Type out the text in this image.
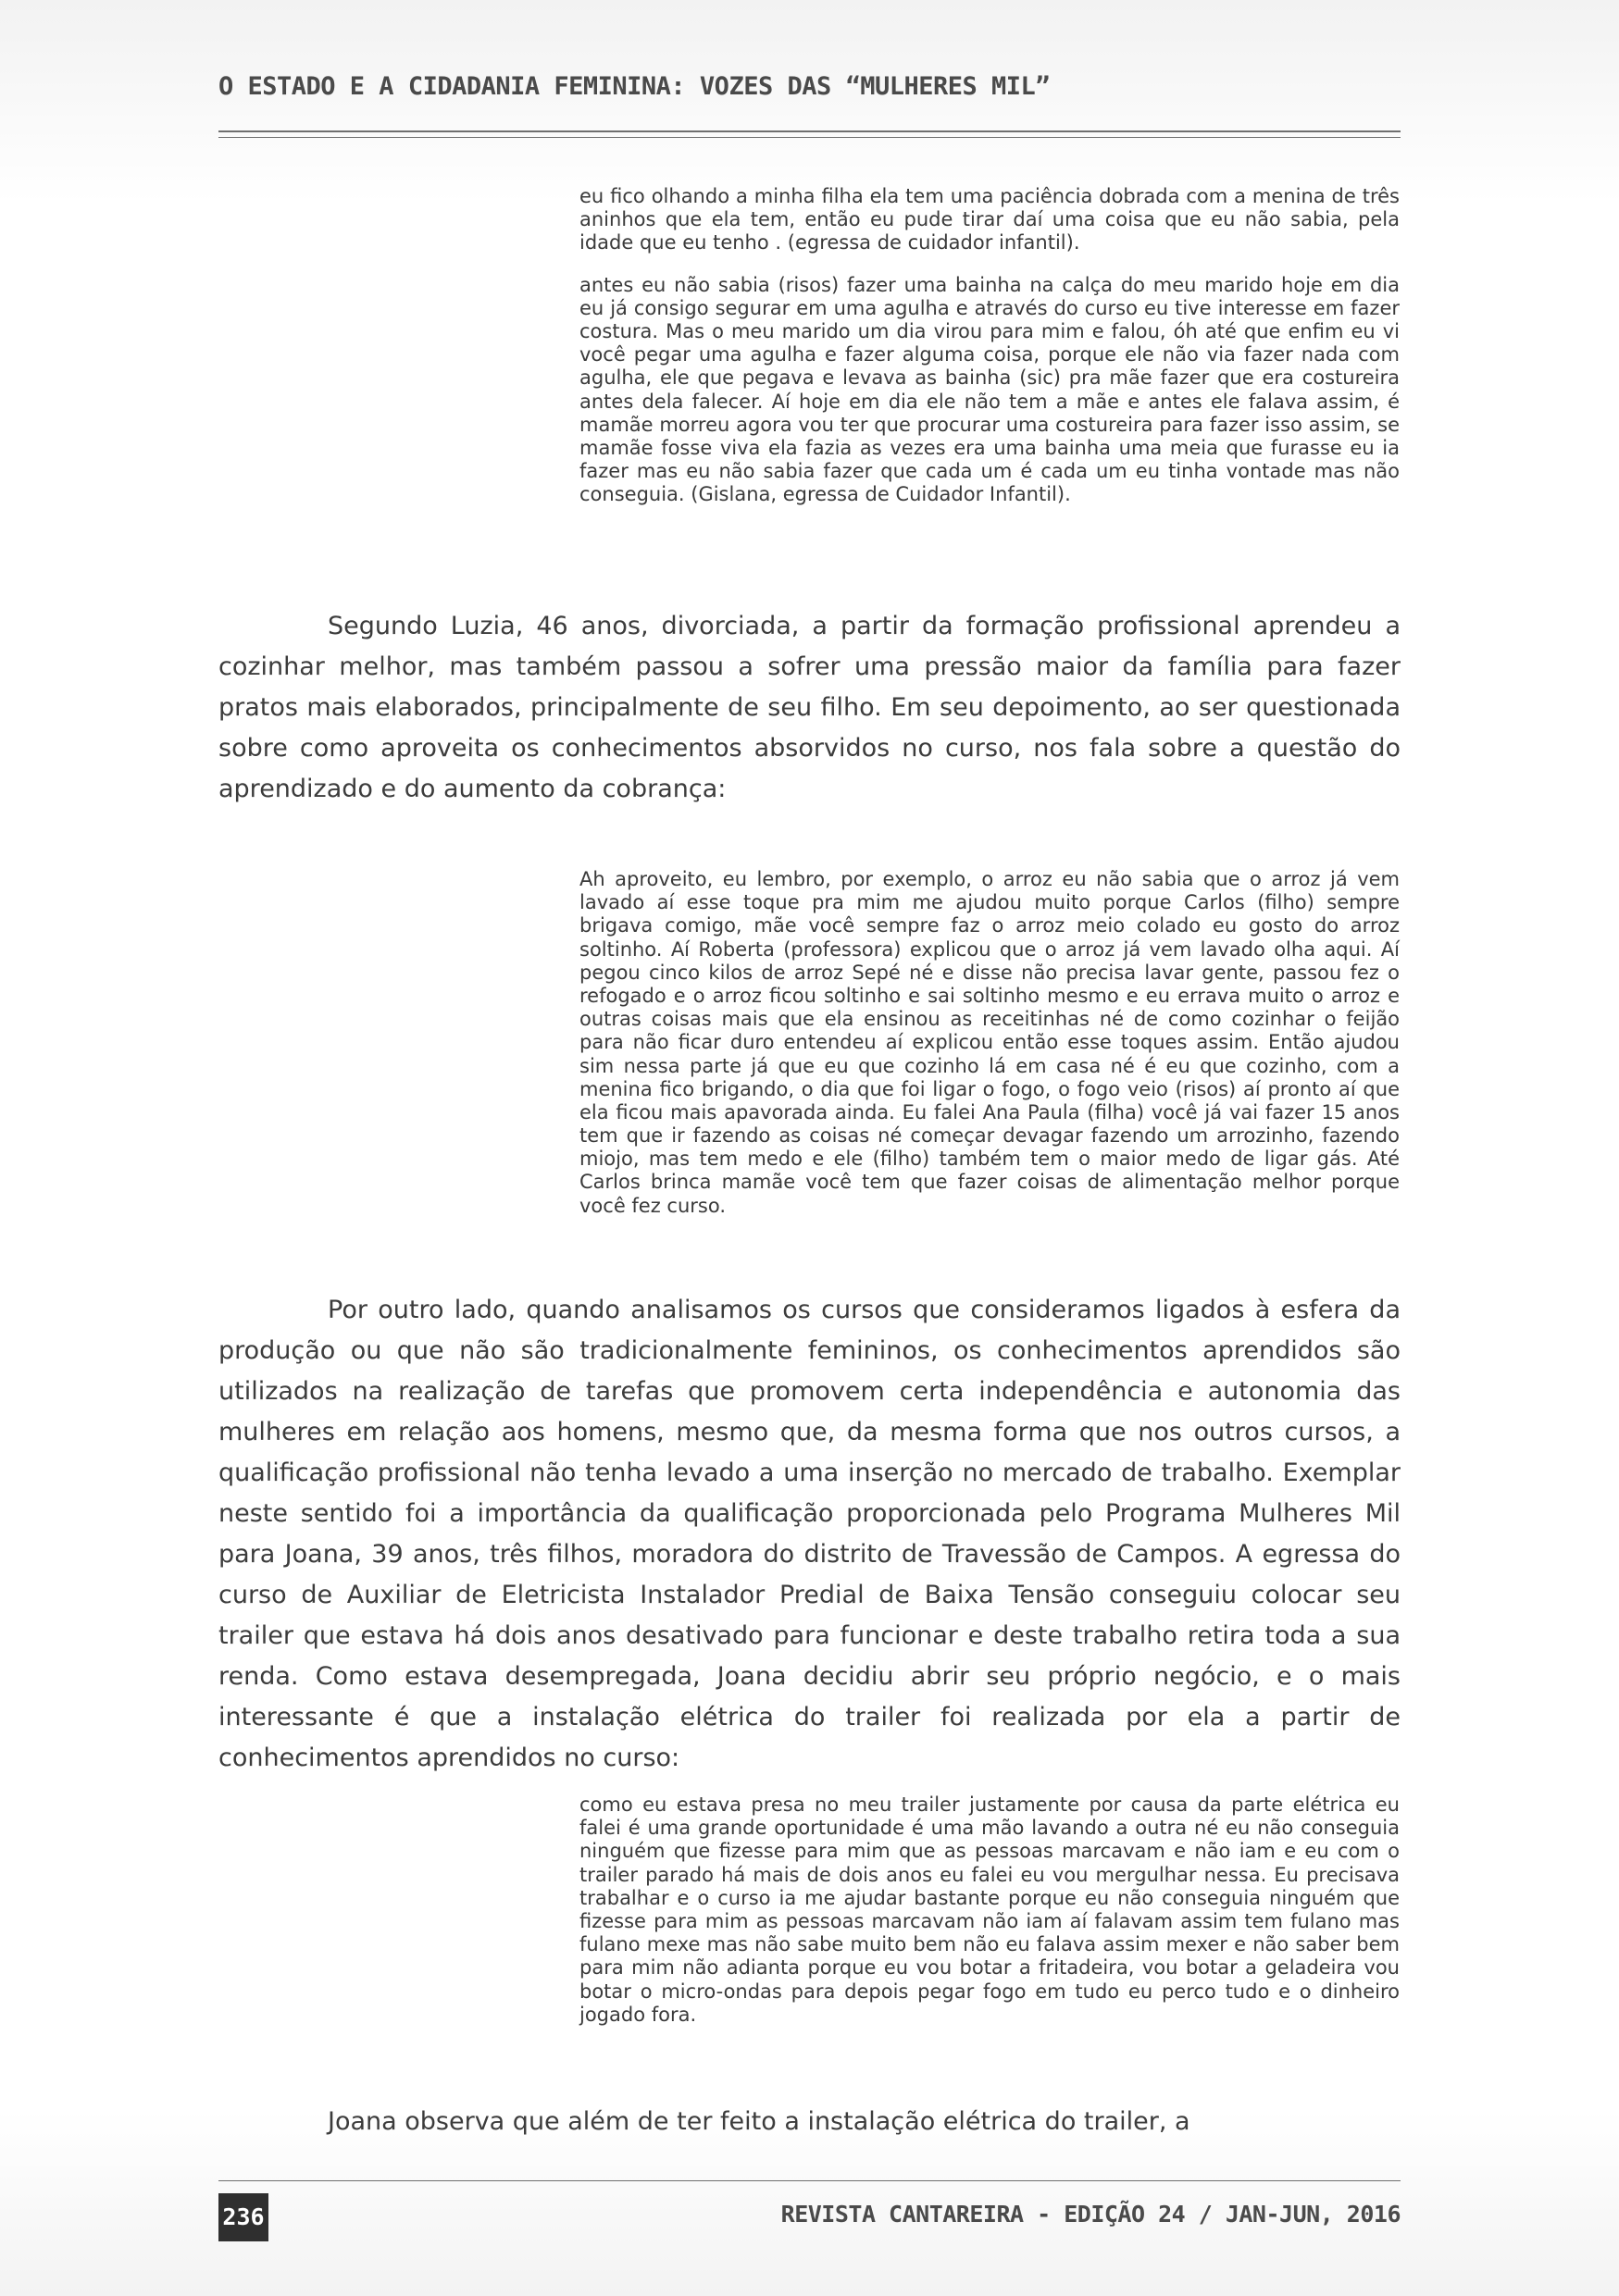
O ESTADO E A CIDADANIA FEMININA: VOZES DAS “MULHERES MIL”

eu fico olhando a minha filha ela tem uma paciência dobrada com a menina de três aninhos que ela tem, então eu pude tirar daí uma coisa que eu não sabia, pela idade que eu tenho . (egressa de cuidador infantil).

antes eu não sabia (risos) fazer uma bainha na calça do meu marido hoje em dia eu já consigo segurar em uma agulha e através do curso eu tive interesse em fazer costura. Mas o meu marido um dia virou para mim e falou, óh até que enfim eu vi você pegar uma agulha e fazer alguma coisa, porque ele não via fazer nada com agulha, ele que pegava e levava as bainha (sic) pra mãe fazer que era costureira antes dela falecer. Aí hoje em dia ele não tem a mãe e antes ele falava assim, é mamãe morreu agora vou ter que procurar uma costureira para fazer isso assim, se mamãe fosse viva ela fazia as vezes era uma bainha uma meia que furasse eu ia fazer mas eu não sabia fazer que cada um é cada um eu tinha vontade mas não conseguia. (Gislana, egressa de Cuidador Infantil).

Segundo Luzia, 46 anos, divorciada, a partir da formação profissional aprendeu a cozinhar melhor, mas também passou a sofrer uma pressão maior da família para fazer pratos mais elaborados, principalmente de seu filho. Em seu depoimento, ao ser questionada sobre como aproveita os conhecimentos absorvidos no curso, nos fala sobre a questão do aprendizado e do aumento da cobrança:

Ah aproveito, eu lembro, por exemplo, o arroz eu não sabia que o arroz já vem lavado aí esse toque pra mim me ajudou muito porque Carlos (filho) sempre brigava comigo, mãe você sempre faz o arroz meio colado eu gosto do arroz soltinho. Aí Roberta (professora) explicou que o arroz já vem lavado olha aqui. Aí pegou cinco kilos de arroz Sepé né e disse não precisa lavar gente, passou fez o refogado e o arroz ficou soltinho e sai soltinho mesmo e eu errava muito o arroz e outras coisas mais que ela ensinou as receitinhas né de como cozinhar o feijão para não ficar duro entendeu aí explicou então esse toques assim. Então ajudou sim nessa parte já que eu que cozinho lá em casa né é eu que cozinho, com a menina fico brigando, o dia que foi ligar o fogo, o fogo veio (risos) aí pronto aí que ela ficou mais apavorada ainda. Eu falei Ana Paula (filha) você já vai fazer 15 anos tem que ir fazendo as coisas né começar devagar fazendo um arrozinho, fazendo miojo, mas tem medo e ele (filho) também tem o maior medo de ligar gás. Até Carlos brinca mamãe você tem que fazer coisas de alimentação melhor porque você fez curso.

Por outro lado, quando analisamos os cursos que consideramos ligados à esfera da produção ou que não são tradicionalmente femininos, os conhecimentos aprendidos são utilizados na realização de tarefas que promovem certa independência e autonomia das mulheres em relação aos homens, mesmo que, da mesma forma que nos outros cursos, a qualificação profissional não tenha levado a uma inserção no mercado de trabalho. Exemplar neste sentido foi a importância da qualificação proporcionada pelo Programa Mulheres Mil para Joana, 39 anos, três filhos, moradora do distrito de Travessão de Campos. A egressa do curso de Auxiliar de Eletricista Instalador Predial de Baixa Tensão conseguiu colocar seu trailer que estava há dois anos desativado para funcionar e deste trabalho retira toda a sua renda. Como estava desempregada, Joana decidiu abrir seu próprio negócio, e o mais interessante é que a instalação elétrica do trailer foi realizada por ela a partir de conhecimentos aprendidos no curso:

como eu estava presa no meu trailer justamente por causa da parte elétrica eu falei é uma grande oportunidade é uma mão lavando a outra né eu não conseguia ninguém que fizesse para mim que as pessoas marcavam e não iam e eu com o trailer parado há mais de dois anos eu falei eu vou mergulhar nessa. Eu precisava trabalhar e o curso ia me ajudar bastante porque eu não conseguia ninguém que fizesse para mim as pessoas marcavam não iam aí falavam assim tem fulano mas fulano mexe mas não sabe muito bem não eu falava assim mexer e não saber bem para mim não adianta porque eu vou botar a fritadeira, vou botar a geladeira vou botar o micro-ondas para depois pegar fogo em tudo eu perco tudo e o dinheiro jogado fora.

Joana observa que além de ter feito a instalação elétrica do trailer, a

236	REVISTA CANTAREIRA - EDIÇÃO 24 / JAN-JUN, 2016
